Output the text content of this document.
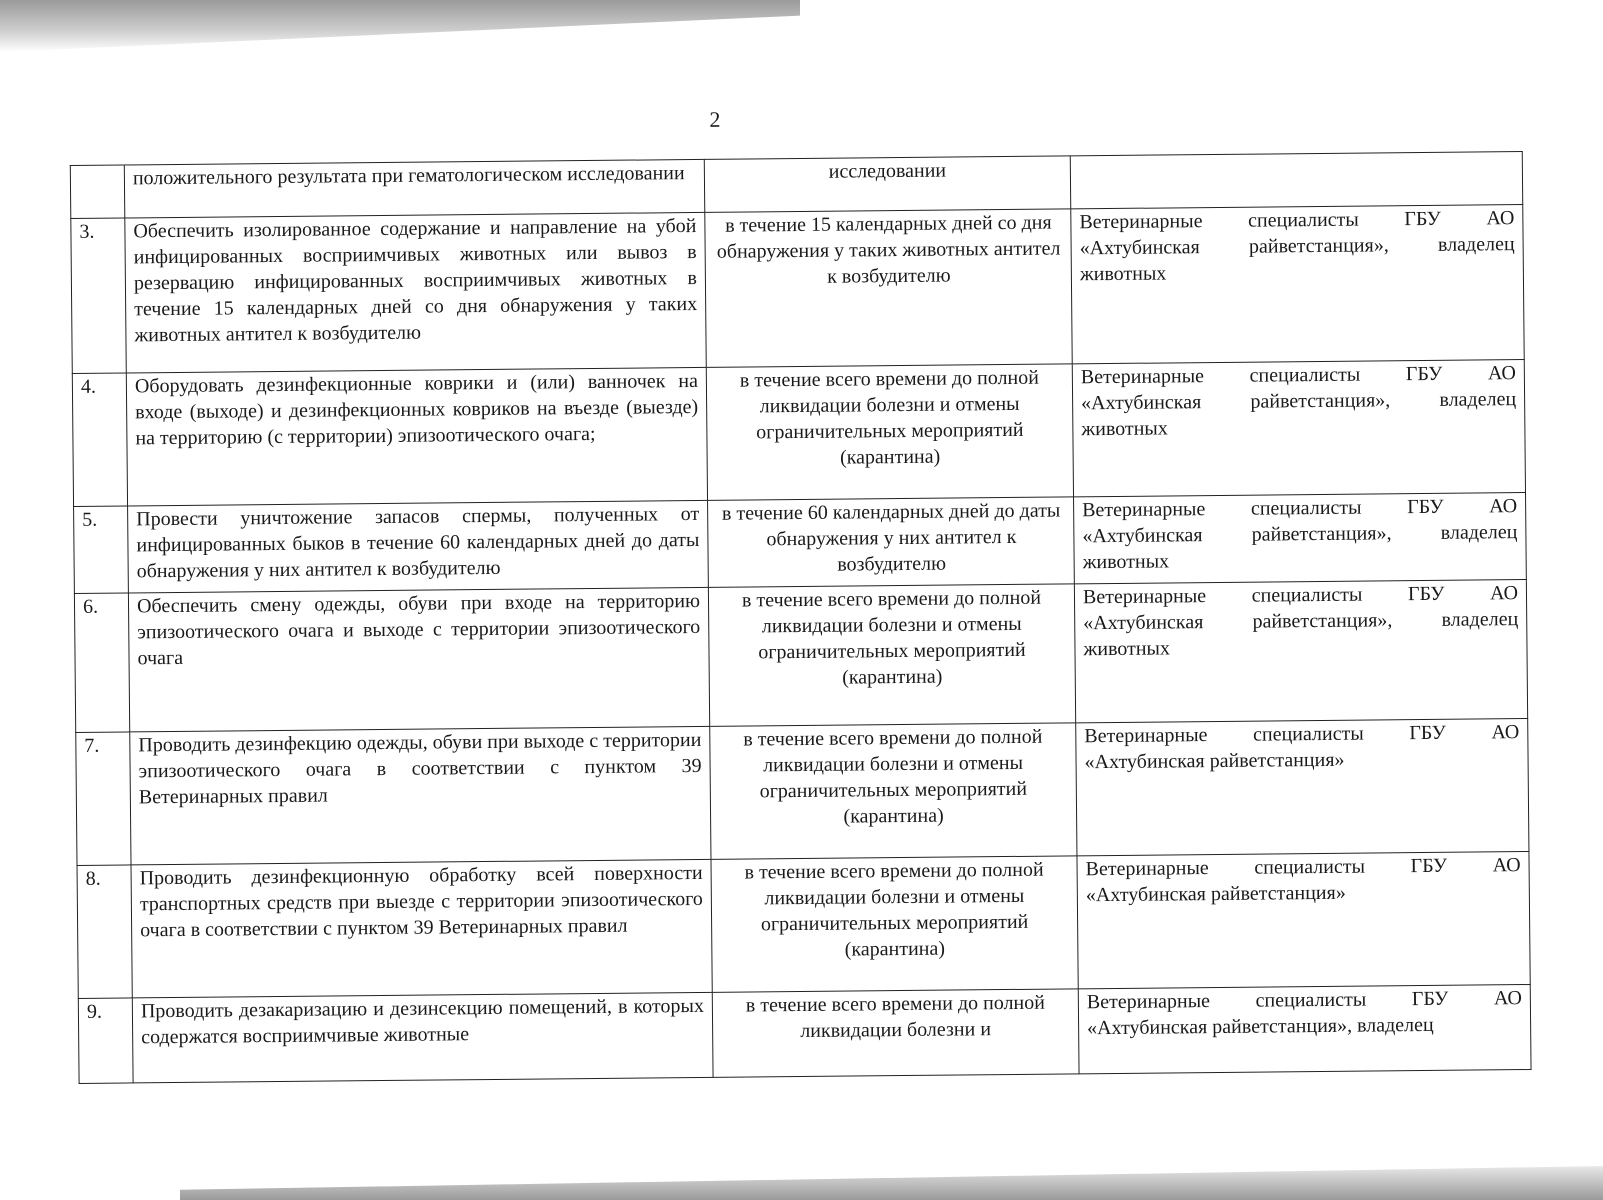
2
	положительного результата при гематологическом исследовании	исследовании	

3.	Обеспечить изолированное содержание и направление на убой инфицированных восприимчивых животных или вывоз в резервацию инфицированных восприимчивых животных в течение 15 календарных дней со дня обнаружения у таких животных антител к возбудителю	в течение 15 календарных дней со дня обнаружения у таких животных антител к возбудителю	Ветеринарные специалисты ГБУ АО «Ахтубинская райветстанция», владелец животных
4.	Оборудовать дезинфекционные коврики и (или) ванночек на входе (выходе) и дезинфекционных ковриков на въезде (выезде) на территорию (с территории) эпизоотического очага;	в течение всего времени до полной ликвидации болезни и отмены ограничительных мероприятий (карантина)	Ветеринарные специалисты ГБУ АО «Ахтубинская райветстанция», владелец животных
5.	Провести уничтожение запасов спермы, полученных от инфицированных быков в течение 60 календарных дней до даты обнаружения у них антител к возбудителю	в течение 60 календарных дней до даты обнаружения у них антител к возбудителю	Ветеринарные специалисты ГБУ АО «Ахтубинская райветстанция», владелец животных
6.	Обеспечить смену одежды, обуви при входе на территорию эпизоотического очага и выходе с территории эпизоотического очага	в течение всего времени до полной ликвидации болезни и отмены ограничительных мероприятий (карантина)	Ветеринарные специалисты ГБУ АО «Ахтубинская райветстанция», владелец животных
7.	Проводить дезинфекцию одежды, обуви при выходе с территории эпизоотического очага в соответствии с пунктом 39 Ветеринарных правил	в течение всего времени до полной ликвидации болезни и отмены ограничительных мероприятий (карантина)	Ветеринарные специалисты ГБУ АО «Ахтубинская райветстанция»
8.	Проводить дезинфекционную обработку всей поверхности транспортных средств при выезде с территории эпизоотического очага в соответствии с пунктом 39 Ветеринарных правил	в течение всего времени до полной ликвидации болезни и отмены ограничительных мероприятий (карантина)	Ветеринарные специалисты ГБУ АО «Ахтубинская райветстанция»
9.	Проводить дезакаризацию и дезинсекцию помещений, в которых содержатся восприимчивые животные	в течение всего времени до полной ликвидации болезни и	Ветеринарные специалисты ГБУ АО «Ахтубинская райветстанция», владелец
